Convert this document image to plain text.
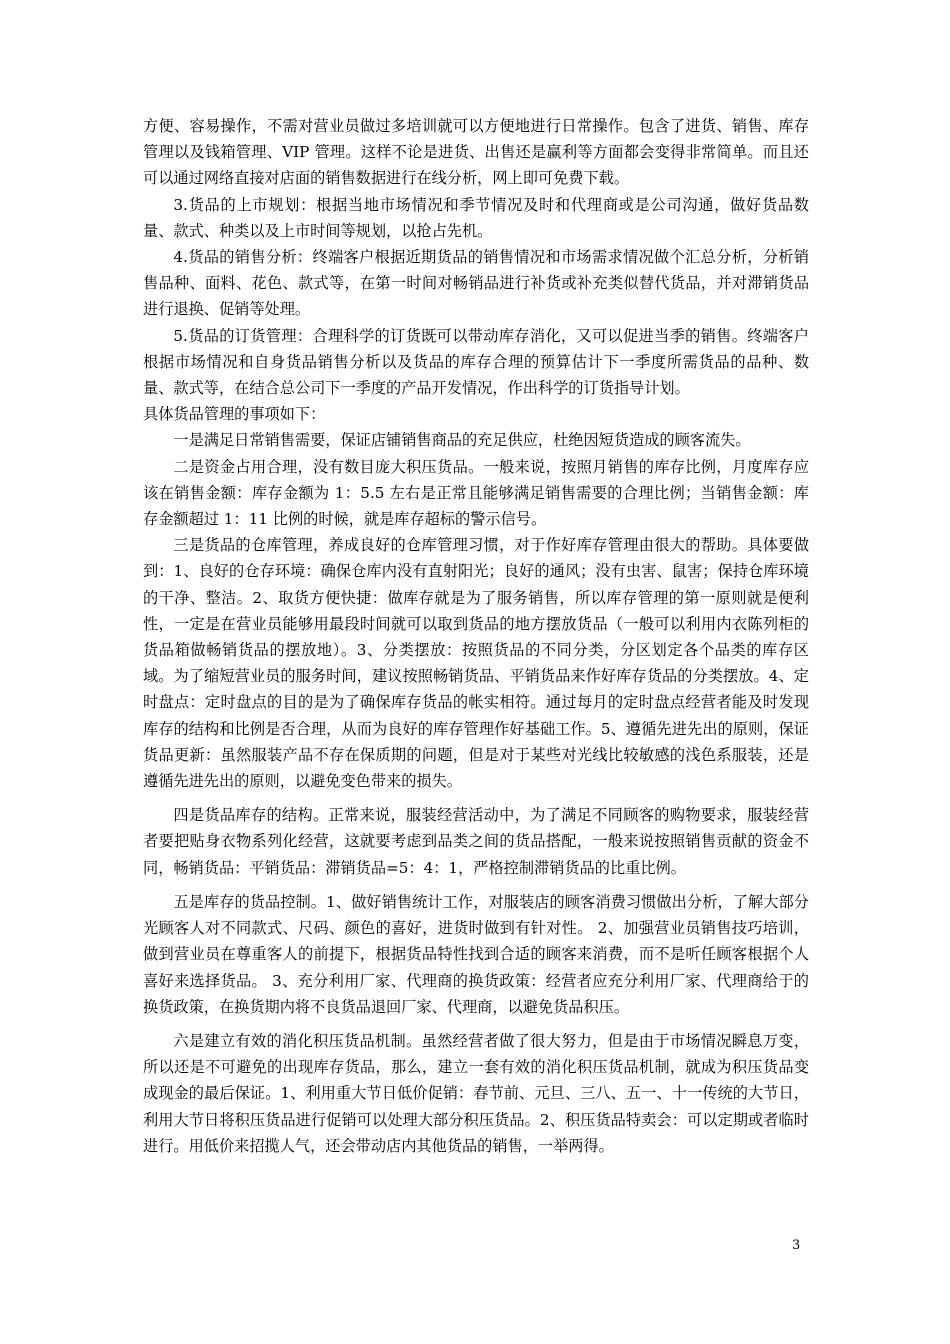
方便、容易操作，不需对营业员做过多培训就可以方便地进行日常操作。包含了进货、销售、库存管理以及钱箱管理、VIP 管理。这样不论是进货、出售还是赢利等方面都会变得非常简单。而且还可以通过网络直接对店面的销售数据进行在线分析，网上即可免费下载。

3.货品的上市规划：根据当地市场情况和季节情况及时和代理商或是公司沟通，做好货品数量、款式、种类以及上市时间等规划，以抢占先机。

4.货品的销售分析：终端客户根据近期货品的销售情况和市场需求情况做个汇总分析，分析销售品种、面料、花色、款式等，在第一时间对畅销品进行补货或补充类似替代货品，并对滞销货品进行退换、促销等处理。

5.货品的订货管理：合理科学的订货既可以带动库存消化，又可以促进当季的销售。终端客户根据市场情况和自身货品销售分析以及货品的库存合理的预算估计下一季度所需货品的品种、数量、款式等，在结合总公司下一季度的产品开发情况，作出科学的订货指导计划。

具体货品管理的事项如下：

一是满足日常销售需要，保证店铺销售商品的充足供应，杜绝因短货造成的顾客流失。

二是资金占用合理，没有数目庞大积压货品。一般来说，按照月销售的库存比例，月度库存应该在销售金额：库存金额为 1：5.5 左右是正常且能够满足销售需要的合理比例；当销售金额：库存金额超过 1：11 比例的时候，就是库存超标的警示信号。

三是货品的仓库管理，养成良好的仓库管理习惯，对于作好库存管理由很大的帮助。具体要做到：1、良好的仓存环境：确保仓库内没有直射阳光；良好的通风；没有虫害、鼠害；保持仓库环境的干净、整洁。2、取货方便快捷：做库存就是为了服务销售，所以库存管理的第一原则就是便利性，一定是在营业员能够用最段时间就可以取到货品的地方摆放货品（一般可以利用内衣陈列柜的货品箱做畅销货品的摆放地）。3、分类摆放：按照货品的不同分类，分区划定各个品类的库存区域。为了缩短营业员的服务时间，建议按照畅销货品、平销货品来作好库存货品的分类摆放。4、定时盘点：定时盘点的目的是为了确保库存货品的帐实相符。通过每月的定时盘点经营者能及时发现库存的结构和比例是否合理，从而为良好的库存管理作好基础工作。5、遵循先进先出的原则，保证货品更新：虽然服装产品不存在保质期的问题，但是对于某些对光线比较敏感的浅色系服装，还是遵循先进先出的原则，以避免变色带来的损失。

四是货品库存的结构。正常来说，服装经营活动中，为了满足不同顾客的购物要求，服装经营者要把贴身衣物系列化经营，这就要考虑到品类之间的货品搭配，一般来说按照销售贡献的资金不同，畅销货品：平销货品：滞销货品=5：4：1，严格控制滞销货品的比重比例。

五是库存的货品控制。1、做好销售统计工作，对服装店的顾客消费习惯做出分析，了解大部分光顾客人对不同款式、尺码、颜色的喜好，进货时做到有针对性。 2、加强营业员销售技巧培训，做到营业员在尊重客人的前提下，根据货品特性找到合适的顾客来消费，而不是听任顾客根据个人喜好来选择货品。 3、充分利用厂家、代理商的换货政策：经营者应充分利用厂家、代理商给于的换货政策，在换货期内将不良货品退回厂家、代理商，以避免货品积压。

六是建立有效的消化积压货品机制。虽然经营者做了很大努力，但是由于市场情况瞬息万变，所以还是不可避免的出现库存货品，那么，建立一套有效的消化积压货品机制，就成为积压货品变成现金的最后保证。1、利用重大节日低价促销：春节前、元旦、三八、五一、十一传统的大节日，利用大节日将积压货品进行促销可以处理大部分积压货品。2、积压货品特卖会：可以定期或者临时进行。用低价来招揽人气，还会带动店内其他货品的销售，一举两得。

3
